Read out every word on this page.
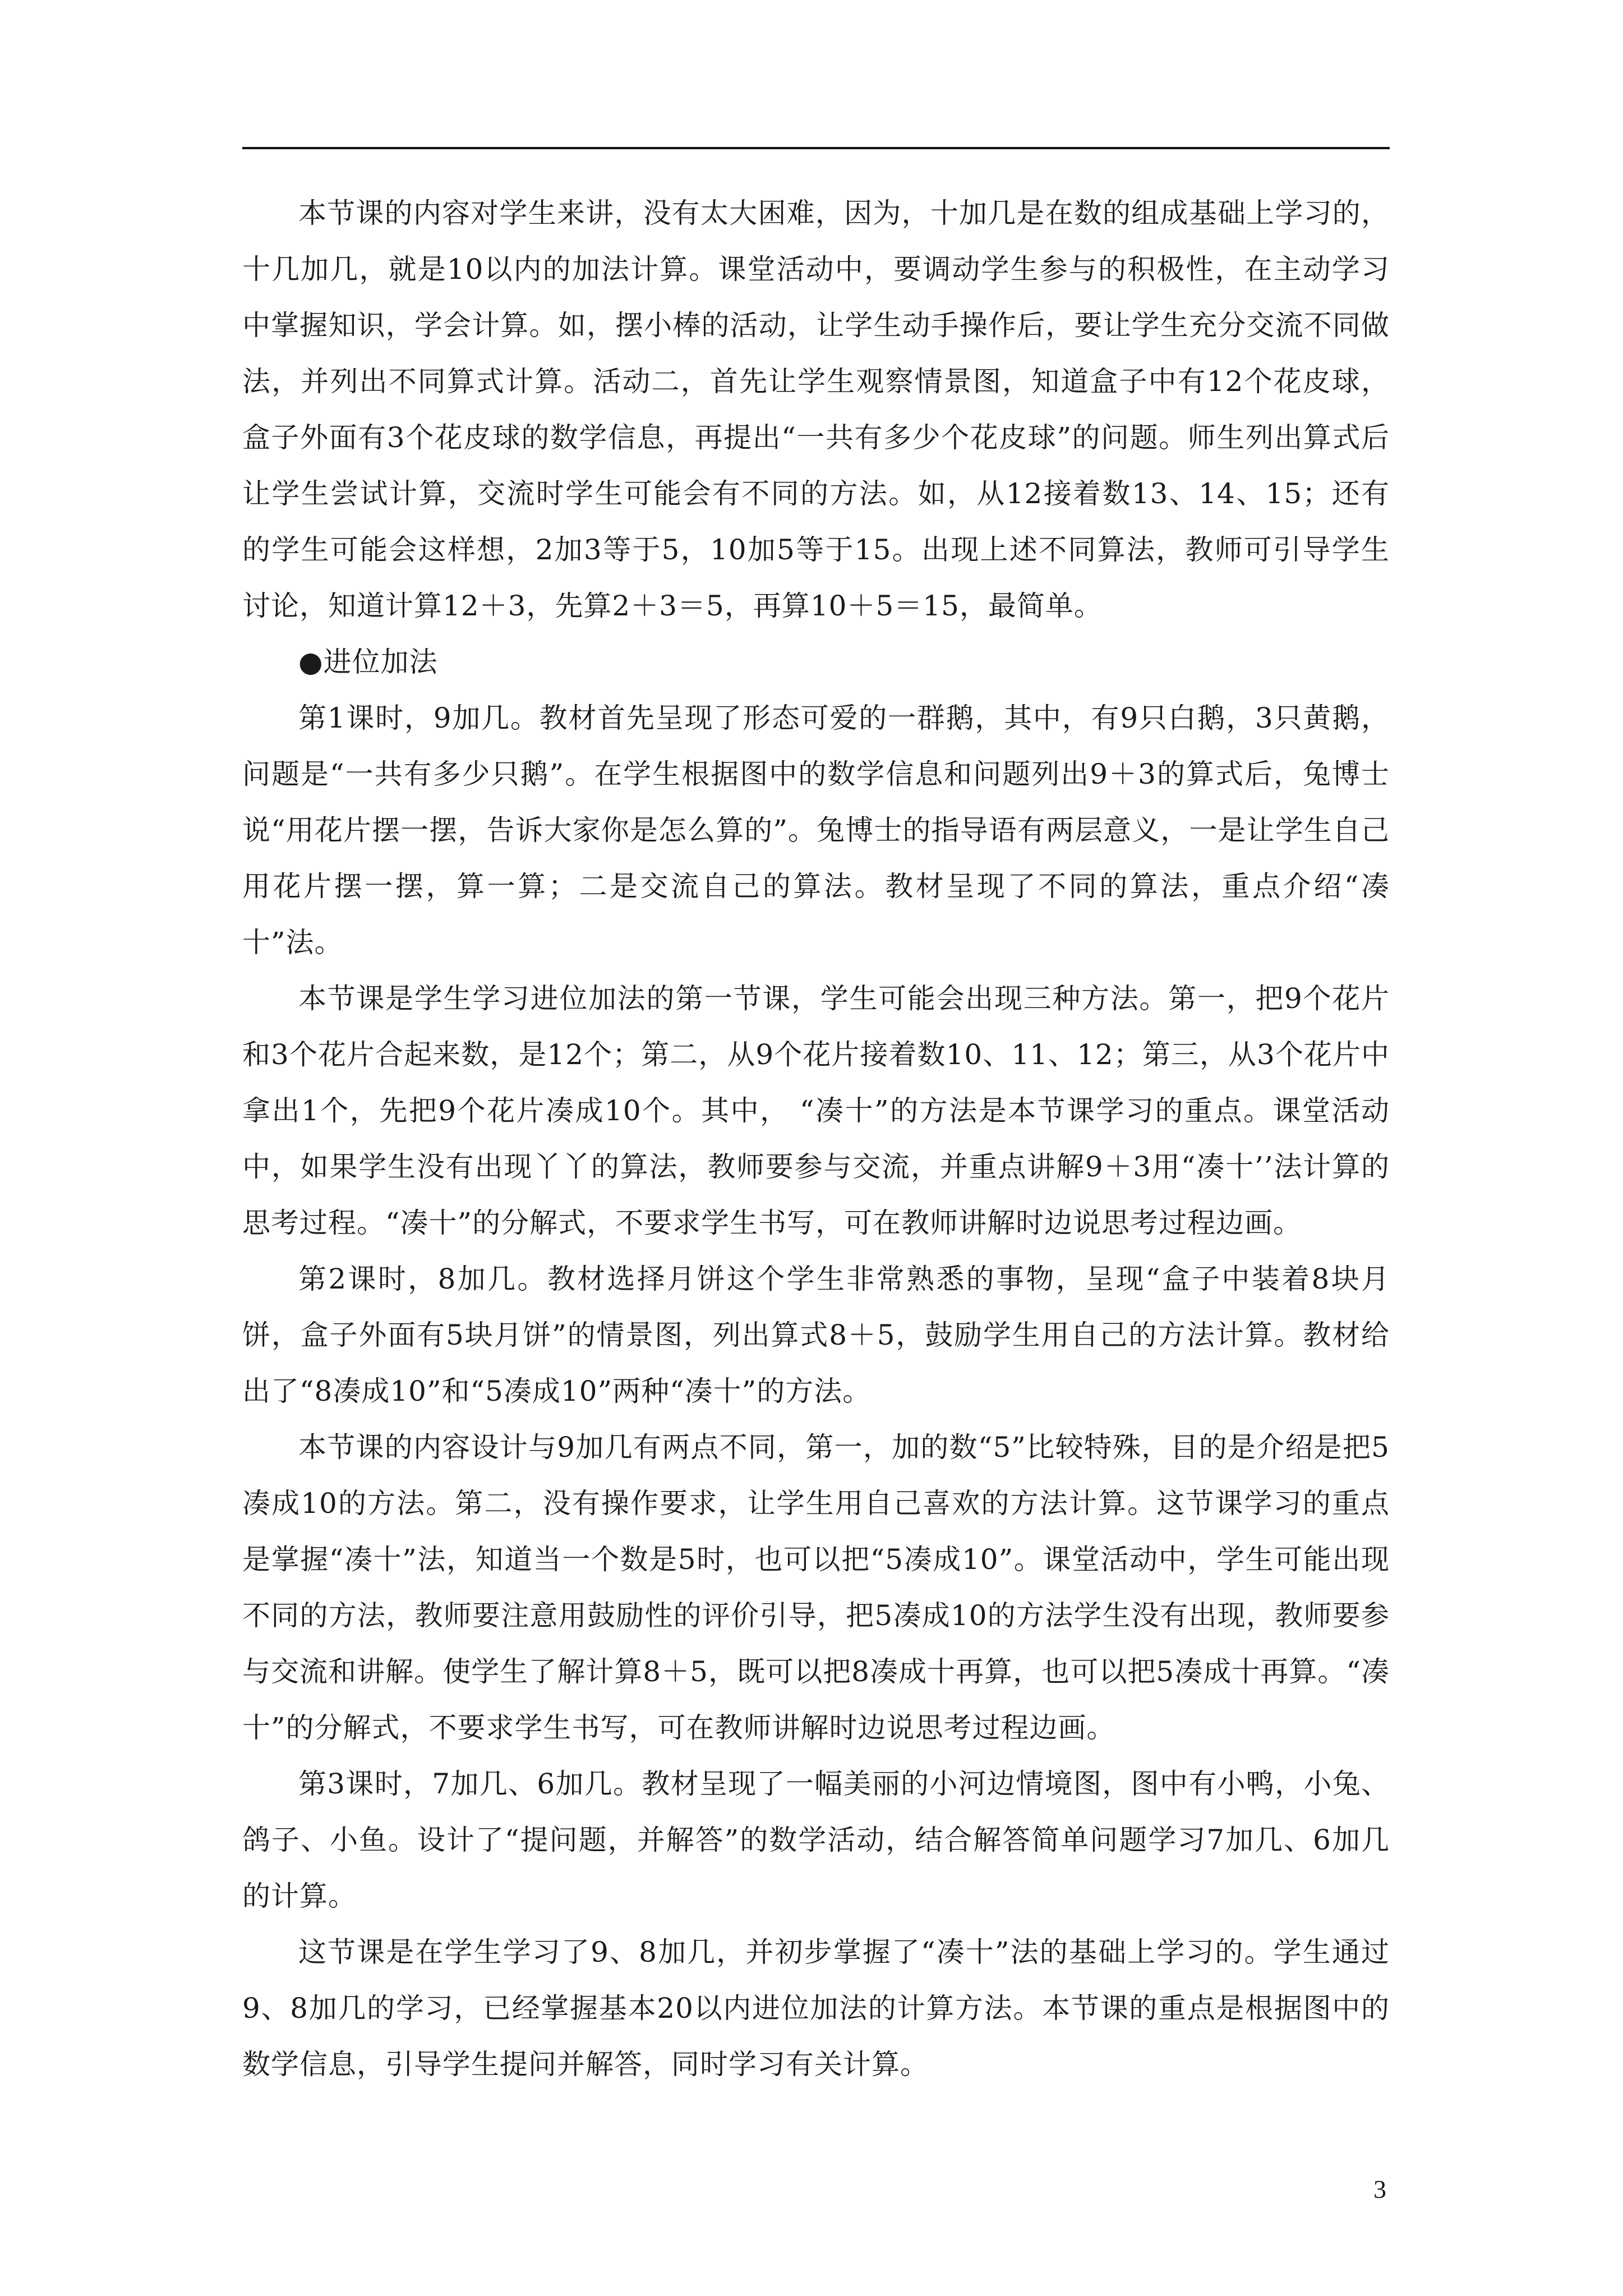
本节课的内容对学生来讲，没有太大困难，因为，十加几是在数的组成基础上学习的，十几加几，就是10以内的加法计算。课堂活动中，要调动学生参与的积极性，在主动学习中掌握知识，学会计算。如，摆小棒的活动，让学生动手操作后，要让学生充分交流不同做法，并列出不同算式计算。活动二，首先让学生观察情景图，知道盒子中有12个花皮球，盒子外面有3个花皮球的数学信息，再提出“一共有多少个花皮球”的问题。师生列出算式后让学生尝试计算，交流时学生可能会有不同的方法。如，从12接着数13、14、15；还有的学生可能会这样想，2加3等于5，10加5等于15。出现上述不同算法，教师可引导学生讨论，知道计算12＋3，先算2＋3＝5，再算10＋5＝15，最简单。

●进位加法

第1课时，9加几。教材首先呈现了形态可爱的一群鹅，其中，有9只白鹅，3只黄鹅，问题是“一共有多少只鹅”。在学生根据图中的数学信息和问题列出9＋3的算式后，兔博士说“用花片摆一摆，告诉大家你是怎么算的”。兔博士的指导语有两层意义，一是让学生自己用花片摆一摆，算一算；二是交流自己的算法。教材呈现了不同的算法，重点介绍“凑十”法。

本节课是学生学习进位加法的第一节课，学生可能会出现三种方法。第一，把9个花片和3个花片合起来数，是12个；第二，从9个花片接着数10、11、12；第三，从3个花片中拿出1个，先把9个花片凑成10个。其中， “凑十”的方法是本节课学习的重点。课堂活动中，如果学生没有出现丫丫的算法，教师要参与交流，并重点讲解9＋3用“凑十’’法计算的思考过程。“凑十”的分解式，不要求学生书写，可在教师讲解时边说思考过程边画。

第2课时，8加几。教材选择月饼这个学生非常熟悉的事物，呈现“盒子中装着8块月饼，盒子外面有5块月饼”的情景图，列出算式8＋5，鼓励学生用自己的方法计算。教材给出了“8凑成10”和“5凑成10”两种“凑十”的方法。

本节课的内容设计与9加几有两点不同，第一，加的数“5”比较特殊，目的是介绍是把5凑成10的方法。第二，没有操作要求，让学生用自己喜欢的方法计算。这节课学习的重点是掌握“凑十”法，知道当一个数是5时，也可以把“5凑成10”。课堂活动中，学生可能出现不同的方法，教师要注意用鼓励性的评价引导，把5凑成10的方法学生没有出现，教师要参与交流和讲解。使学生了解计算8＋5，既可以把8凑成十再算，也可以把5凑成十再算。“凑十”的分解式，不要求学生书写，可在教师讲解时边说思考过程边画。

第3课时，7加几、6加几。教材呈现了一幅美丽的小河边情境图，图中有小鸭，小兔、鸽子、小鱼。设计了“提问题，并解答”的数学活动，结合解答简单问题学习7加几、6加几的计算。

这节课是在学生学习了9、8加几，并初步掌握了“凑十”法的基础上学习的。学生通过9、8加几的学习，已经掌握基本20以内进位加法的计算方法。本节课的重点是根据图中的数学信息，引导学生提问并解答，同时学习有关计算。

3
